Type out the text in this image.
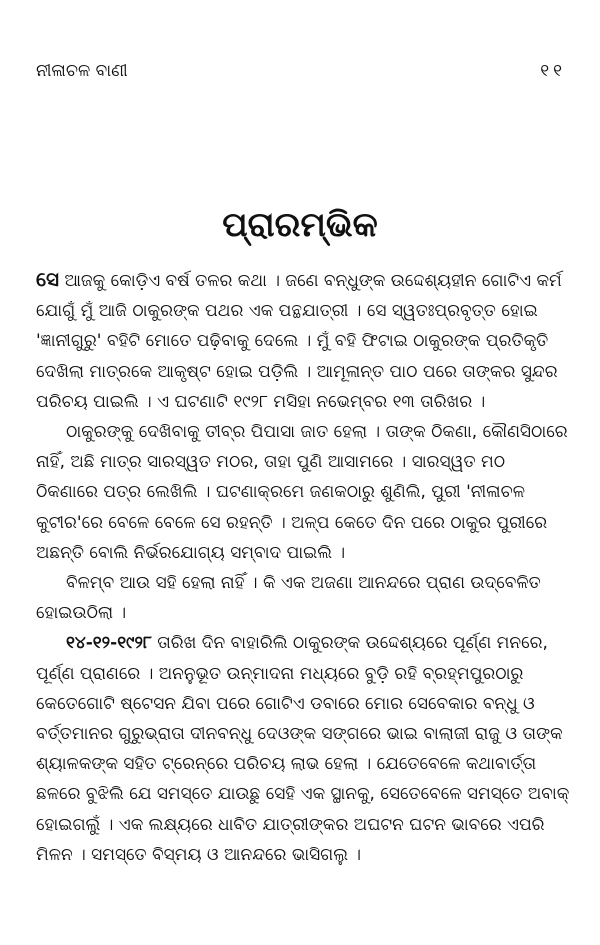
ନୀଳାଚଳ ବାଣୀ	୧୧
ପ୍ରାରମ୍ଭିକ

ସେ ଆଜକୁ କୋଡ଼ିଏ ବର୍ଷ ତଳର କଥା । ଜଣେ ବନ୍ଧୁଙ୍କ ଉଦ୍ଦେଶ୍ୟହୀନ ଗୋଟିଏ କର୍ମ ଯୋଗୁଁ ମୁଁ ଆଜି ଠାକୁରଙ୍କ ପଥର ଏକ ପନ୍ଥଯାତ୍ରୀ । ସେ ସ୍ୱତଃପ୍ରବୃତ୍ତ ହୋଇ 'ଜ୍ଞାନୀଗୁରୁ' ବହିଟି ମୋତେ ପଢ଼ିବାକୁ ଦେଲେ । ମୁଁ ବହି ଫିଟାଇ ଠାକୁରଙ୍କ ପ୍ରତିକୃତି ଦେଖିଲା ମାତ୍ରକେ ଆକୃଷ୍ଟ ହୋଇ ପଡ଼ିଲି । ଆମୂଳାନ୍ତ ପାଠ ପରେ ତାଙ୍କର ସୁନ୍ଦର ପରିଚୟ ପାଇଲି । ଏ ଘଟଣାଟି ୧୯୨୮ ମସିହା ନଭେମ୍ବର ୧୩ ତାରିଖର ।

ଠାକୁରଙ୍କୁ ଦେଖିବାକୁ ତୀବ୍ର ପିପାସା ଜାତ ହେଲା । ତାଙ୍କ ଠିକଣା, କୌଣସିଠାରେ ନାହିଁ, ଅଛି ମାତ୍ର ସାରସ୍ୱତ ମଠର, ତାହା ପୁଣି ଆସାମରେ । ସାରସ୍ୱତ ମଠ ଠିକଣାରେ ପତ୍ର ଲେଖିଲି । ଘଟଣାକ୍ରମେ ଜଣକଠାରୁ ଶୁଣିଲି, ପୁରୀ 'ନୀଳାଚଳ କୁଟୀର'ରେ ବେଳେ ବେଳେ ସେ ରହନ୍ତି । ଅଳ୍ପ କେତେ ଦିନ ପରେ ଠାକୁର ପୁରୀରେ ଅଛନ୍ତି ବୋଲି ନିର୍ଭରଯୋଗ୍ୟ ସମ୍ବାଦ ପାଇଲି ।

ବିଳମ୍ବ ଆଉ ସହି ହେଲା ନାହିଁ । କି ଏକ ଅଜଣା ଆନନ୍ଦରେ ପ୍ରାଣ ଉଦ୍‌ବେଳିତ ହୋଇଉଠିଲା ।

୧୪-୧୨-୧୯୨୮ ତାରିଖ ଦିନ ବାହାରିଲି ଠାକୁରଙ୍କ ଉଦ୍ଦେଶ୍ୟରେ ପୂର୍ଣ୍ଣ ମନରେ, ପୂର୍ଣ୍ଣ ପ୍ରାଣରେ । ଅନନୁଭୂତ ଉନ୍ମାଦନା ମଧ୍ୟରେ ବୁଡ଼ି ରହି ବ୍ରହ୍ମପୁରଠାରୁ କେତେଗୋଟି ଷ୍ଟେସନ ଯିବା ପରେ ଗୋଟିଏ ଡବାରେ ମୋର ସେବେକାର ବନ୍ଧୁ ଓ ବର୍ତ୍ତମାନର ଗୁରୁଭ୍ରାତା ଦୀନବନ୍ଧୁ ଦେଓଙ୍କ ସଙ୍ଗରେ ଭାଇ ବାଲାଜୀ ରାଜୁ ଓ ତାଙ୍କ ଶ୍ୟାଳକଙ୍କ ସହିତ ଟ୍ରେନ୍‌ରେ ପରିଚୟ ଲାଭ ହେଲା । ଯେତେବେଳେ କଥାବାର୍ତ୍ତା ଛଳରେ ବୁଝିଲି ଯେ ସମସ୍ତେ ଯାଉଛୁ ସେହି ଏକ ସ୍ଥାନକୁ, ସେତେବେଳେ ସମସ୍ତେ ଅବାକ୍ ହୋଇଗଲୁଁ । ଏକ ଲକ୍ଷ୍ୟରେ ଧାବିତ ଯାତ୍ରୀଙ୍କର ଅଘଟନ ଘଟନ ଭାବରେ ଏପରି ମିଳନ । ସମସ୍ତେ ବିସ୍ମୟ ଓ ଆନନ୍ଦରେ ଭାସିଗଲୁ ।
